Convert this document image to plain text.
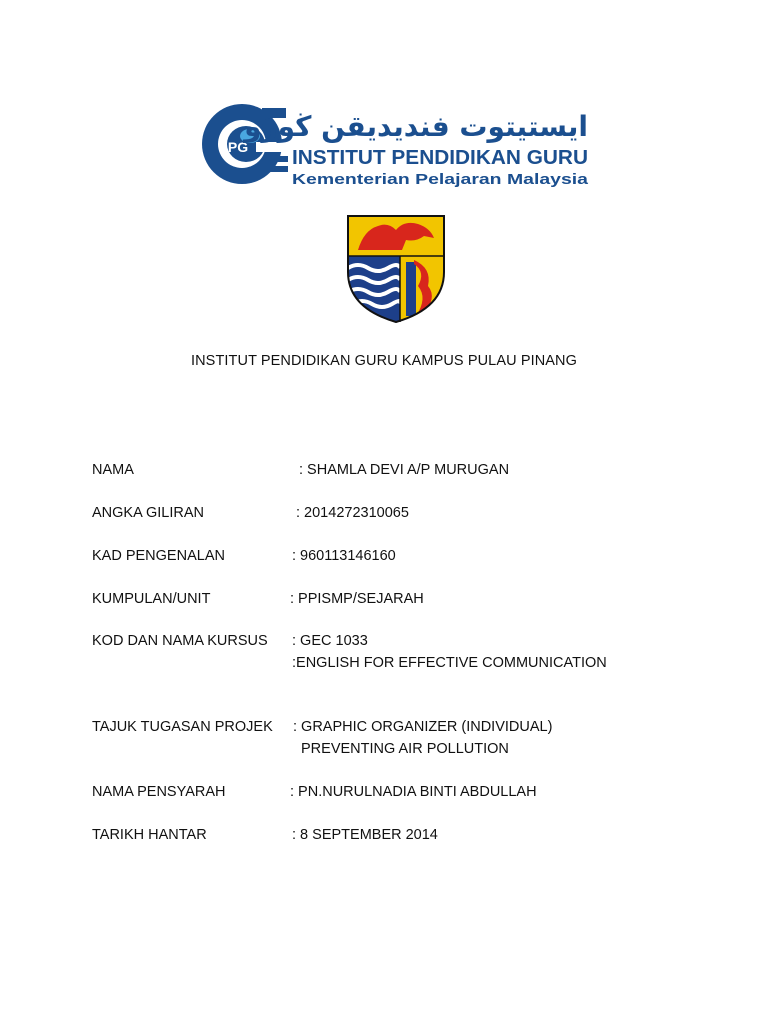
iPG
ايستيتوت فنديديقن ڬورو
INSTITUT PENDIDIKAN GURU
Kementerian Pelajaran Malaysia
INSTITUT PENDIDIKAN GURU KAMPUS PULAU PINANG
NAMA	: SHAMLA DEVI A/P MURUGAN
ANGKA GILIRAN	: 2014272310065
KAD PENGENALAN	: 960113146160
KUMPULAN/UNIT	: PPISMP/SEJARAH
KOD DAN NAMA KURSUS : GEC 1033
:ENGLISH FOR EFFECTIVE COMMUNICATION
TAJUK TUGASAN PROJEK : GRAPHIC ORGANIZER (INDIVIDUAL)
PREVENTING AIR POLLUTION
NAMA PENSYARAH	: PN.NURULNADIA BINTI ABDULLAH
TARIKH HANTAR	: 8 SEPTEMBER 2014
